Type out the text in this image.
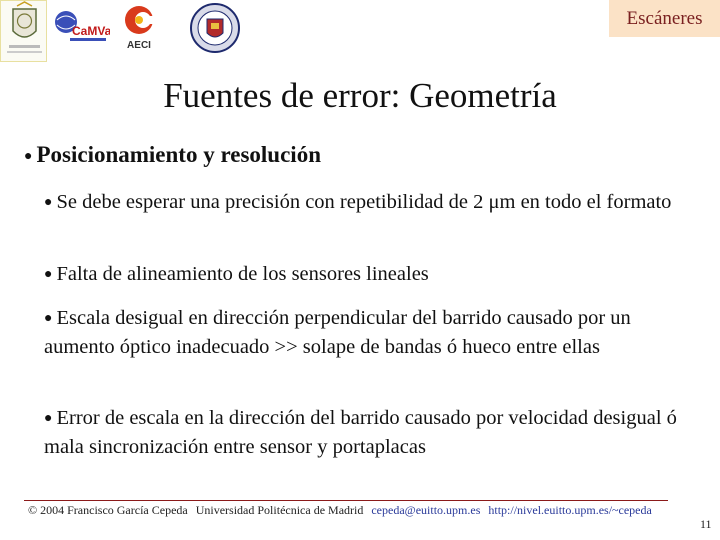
CaMVa
AECI
Escáneres
Fuentes de error: Geometría
● Posicionamiento y resolución
● Se debe esperar una precisión con repetibilidad de 2 μm en todo el formato
● Falta de alineamiento de los sensores lineales
● Escala desigual en dirección perpendicular del barrido causado por un aumento óptico inadecuado >> solape de bandas ó hueco entre ellas
● Error de escala en la dirección del barrido causado por velocidad desigual ó mala sincronización entre sensor y portaplacas
© 2004 Francisco García Cepeda Universidad Politécnica de Madrid cepeda@euitto.upm.es http://nivel.euitto.upm.es/~cepeda
11
